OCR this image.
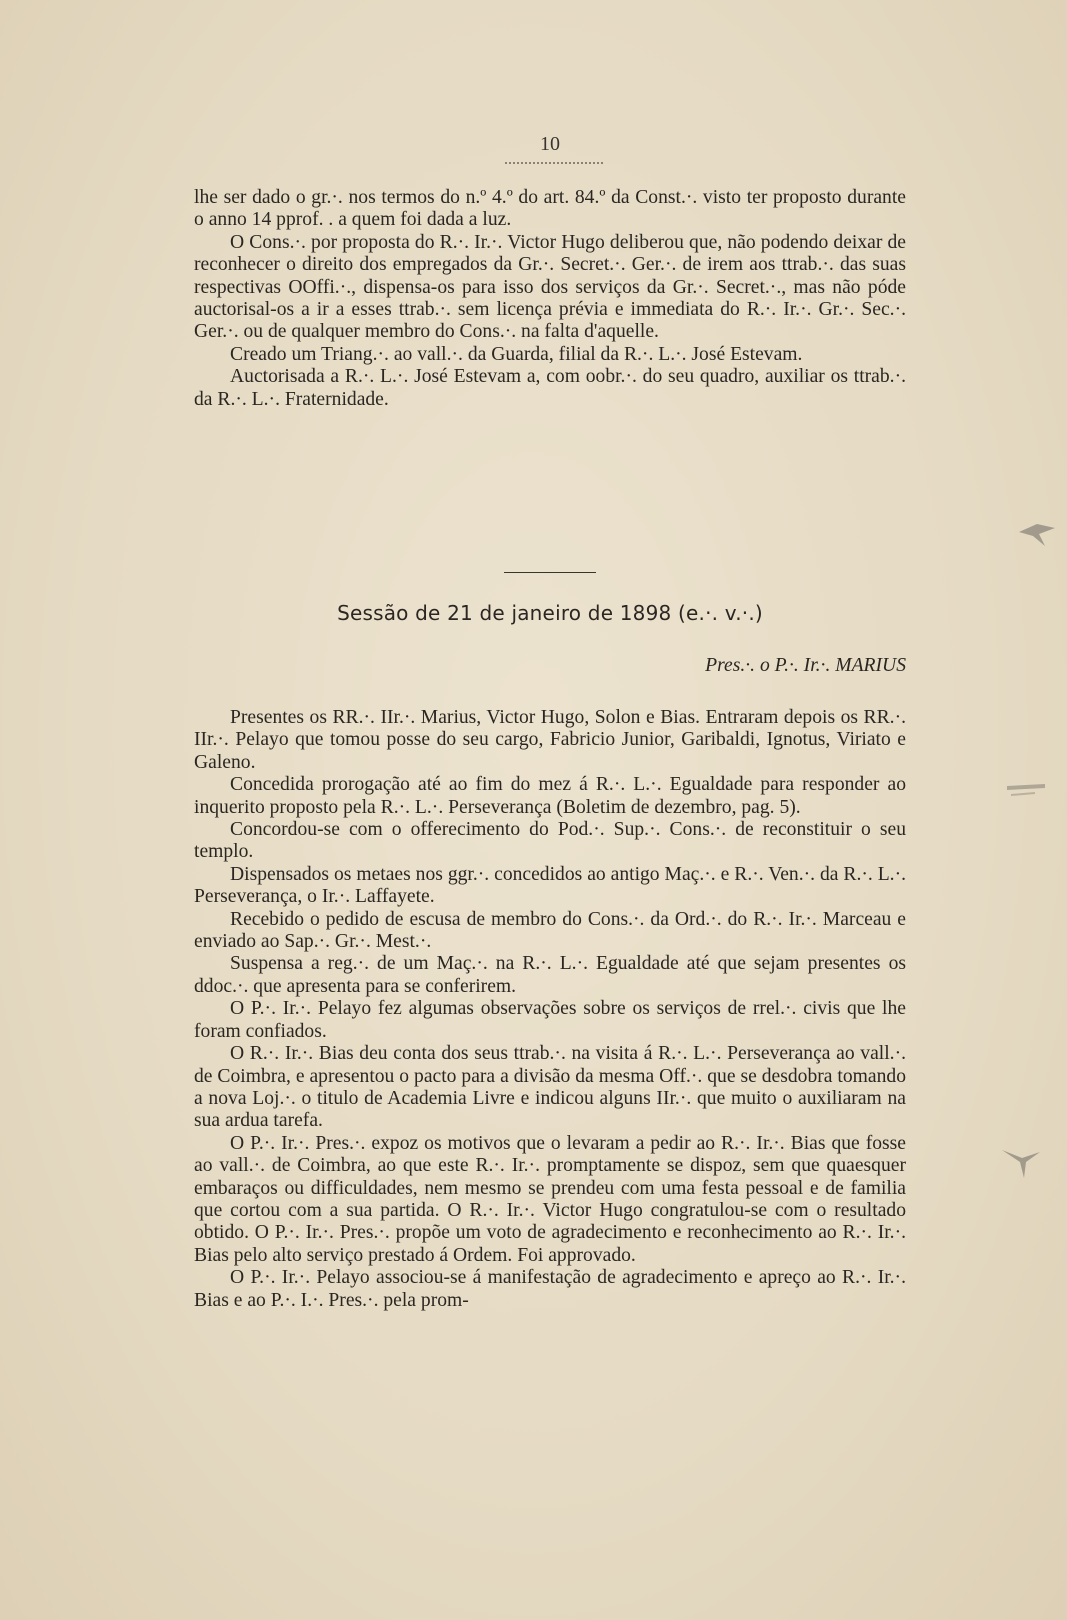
10

lhe ser dado o gr.·. nos termos do n.º 4.º do art. 84.º da Const.·. visto ter proposto durante o anno 14 pprof. . a quem foi dada a luz.

O Cons.·. por proposta do R.·. Ir.·. Victor Hugo deliberou que, não podendo deixar de reconhecer o direito dos empregados da Gr.·. Secret.·. Ger.·. de irem aos ttrab.·. das suas respectivas OOffi.·., dispensa-os para isso dos serviços da Gr.·. Secret.·., mas não póde auctorisal-os a ir a esses ttrab.·. sem licença prévia e immediata do R.·. Ir.·. Gr.·. Sec.·. Ger.·. ou de qualquer membro do Cons.·. na falta d'aquelle.

Creado um Triang.·. ao vall.·. da Guarda, filial da R.·. L.·. José Estevam.

Auctorisada a R.·. L.·. José Estevam a, com oobr.·. do seu quadro, auxiliar os ttrab.·. da R.·. L.·. Fraternidade.

Sessão de 21 de janeiro de 1898 (e.·. v.·.)
Pres.·. o P.·. Ir.·. MARIUS

Presentes os RR.·. IIr.·. Marius, Victor Hugo, Solon e Bias. Entraram depois os RR.·. IIr.·. Pelayo que tomou posse do seu cargo, Fabricio Junior, Garibaldi, Ignotus, Viriato e Galeno.

Concedida prorogação até ao fim do mez á R.·. L.·. Egualdade para responder ao inquerito proposto pela R.·. L.·. Perseverança (Boletim de dezembro, pag. 5).

Concordou-se com o offerecimento do Pod.·. Sup.·. Cons.·. de reconstituir o seu templo.

Dispensados os metaes nos ggr.·. concedidos ao antigo Maç.·. e R.·. Ven.·. da R.·. L.·. Perseverança, o Ir.·. Laffayete.

Recebido o pedido de escusa de membro do Cons.·. da Ord.·. do R.·. Ir.·. Marceau e enviado ao Sap.·. Gr.·. Mest.·.

Suspensa a reg.·. de um Maç.·. na R.·. L.·. Egualdade até que sejam presentes os ddoc.·. que apresenta para se conferirem.

O P.·. Ir.·. Pelayo fez algumas observações sobre os serviços de rrel.·. civis que lhe foram confiados.

O R.·. Ir.·. Bias deu conta dos seus ttrab.·. na visita á R.·. L.·. Perseverança ao vall.·. de Coimbra, e apresentou o pacto para a divisão da mesma Off.·. que se desdobra tomando a nova Loj.·. o titulo de Academia Livre e indicou alguns IIr.·. que muito o auxiliaram na sua ardua tarefa.

O P.·. Ir.·. Pres.·. expoz os motivos que o levaram a pedir ao R.·. Ir.·. Bias que fosse ao vall.·. de Coimbra, ao que este R.·. Ir.·. promptamente se dispoz, sem que quaesquer embaraços ou difficuldades, nem mesmo se prendeu com uma festa pessoal e de familia que cortou com a sua partida. O R.·. Ir.·. Victor Hugo congratulou-se com o resultado obtido. O P.·. Ir.·. Pres.·. propõe um voto de agradecimento e reconhecimento ao R.·. Ir.·. Bias pelo alto serviço prestado á Ordem. Foi approvado.

O P.·. Ir.·. Pelayo associou-se á manifestação de agradecimento e apreço ao R.·. Ir.·. Bias e ao P.·. I.·. Pres.·. pela prom-
